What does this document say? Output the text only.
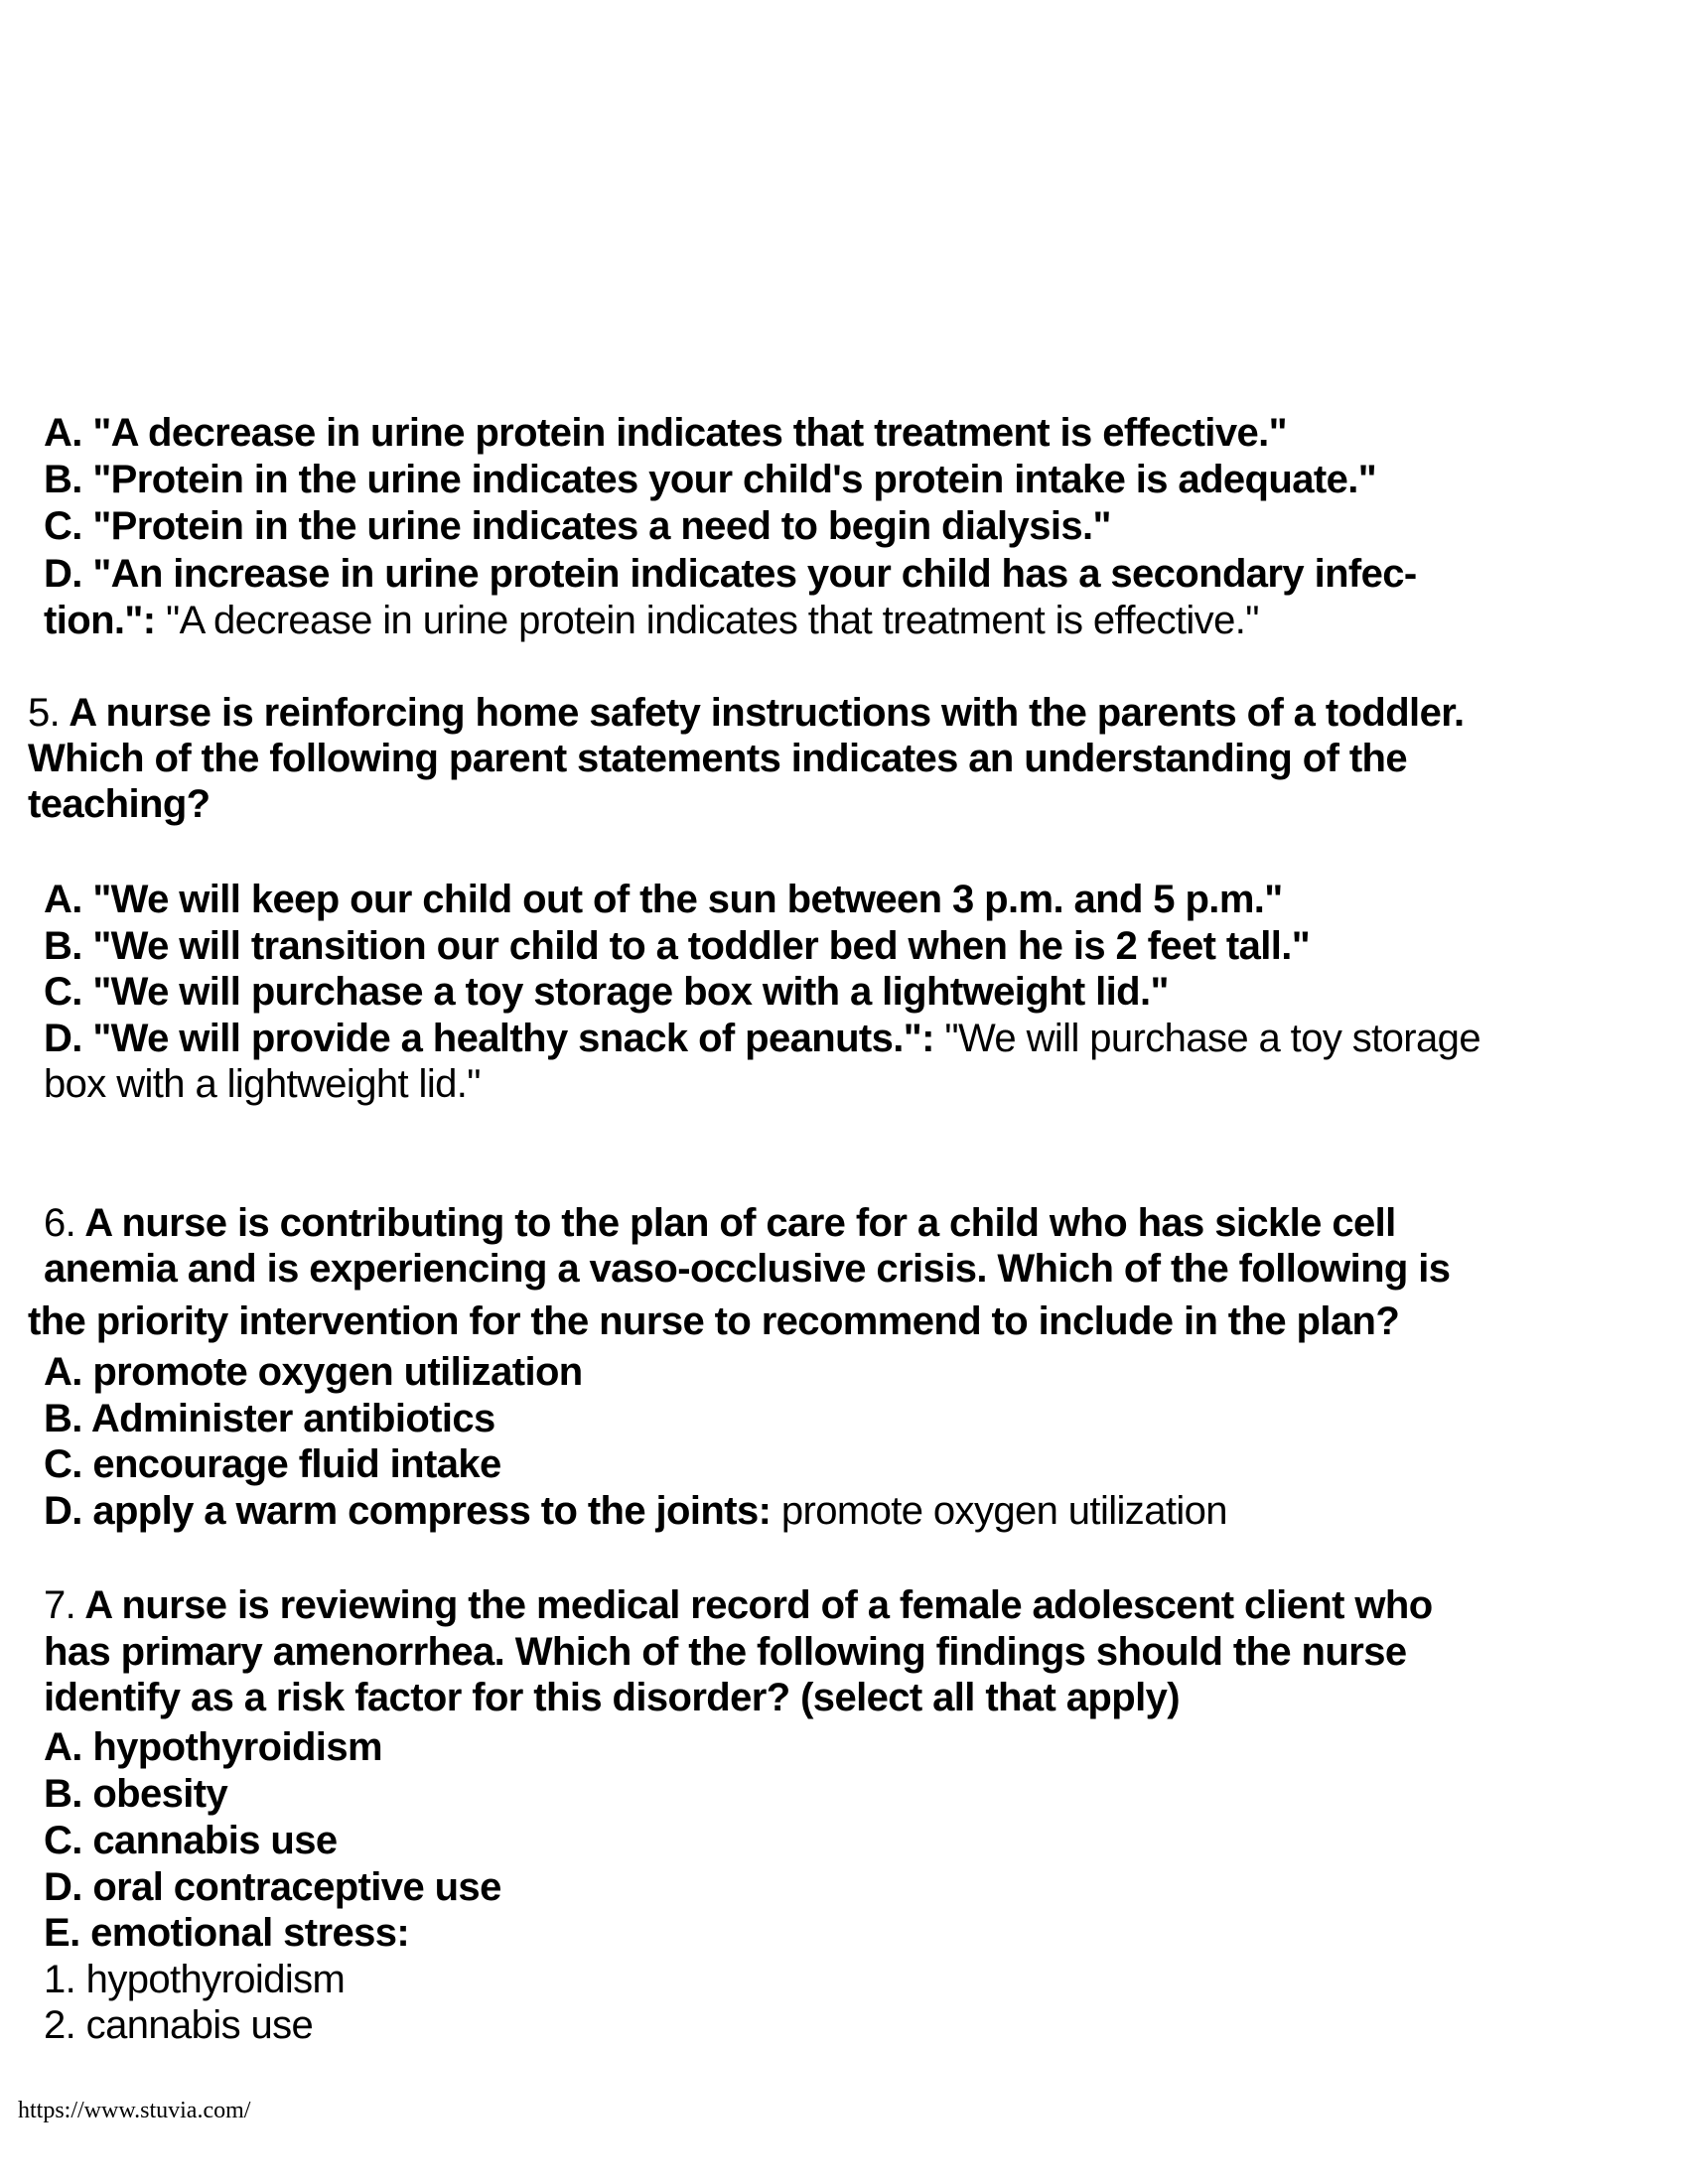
A. "A decrease in urine protein indicates that treatment is effective."
B. "Protein in the urine indicates your child's protein intake is adequate."
C. "Protein in the urine indicates a need to begin dialysis."
D. "An increase in urine protein indicates your child has a secondary infec-
tion.": "A decrease in urine protein indicates that treatment is effective."
5. A nurse is reinforcing home safety instructions with the parents of a toddler.
Which of the following parent statements indicates an understanding of the
teaching?
A. "We will keep our child out of the sun between 3 p.m. and 5 p.m."
B. "We will transition our child to a toddler bed when he is 2 feet tall."
C. "We will purchase a toy storage box with a lightweight lid."
D. "We will provide a healthy snack of peanuts.": "We will purchase a toy storage
box with a lightweight lid."
6. A nurse is contributing to the plan of care for a child who has sickle cell
anemia and is experiencing a vaso-occlusive crisis. Which of the following is
the priority intervention for the nurse to recommend to include in the plan?
A. promote oxygen utilization
B. Administer antibiotics
C. encourage fluid intake
D. apply a warm compress to the joints: promote oxygen utilization
7. A nurse is reviewing the medical record of a female adolescent client who
has primary amenorrhea. Which of the following findings should the nurse
identify as a risk factor for this disorder? (select all that apply)
A. hypothyroidism
B. obesity
C. cannabis use
D. oral contraceptive use
E. emotional stress:
1. hypothyroidism
2. cannabis use
https://www.stuvia.com/
